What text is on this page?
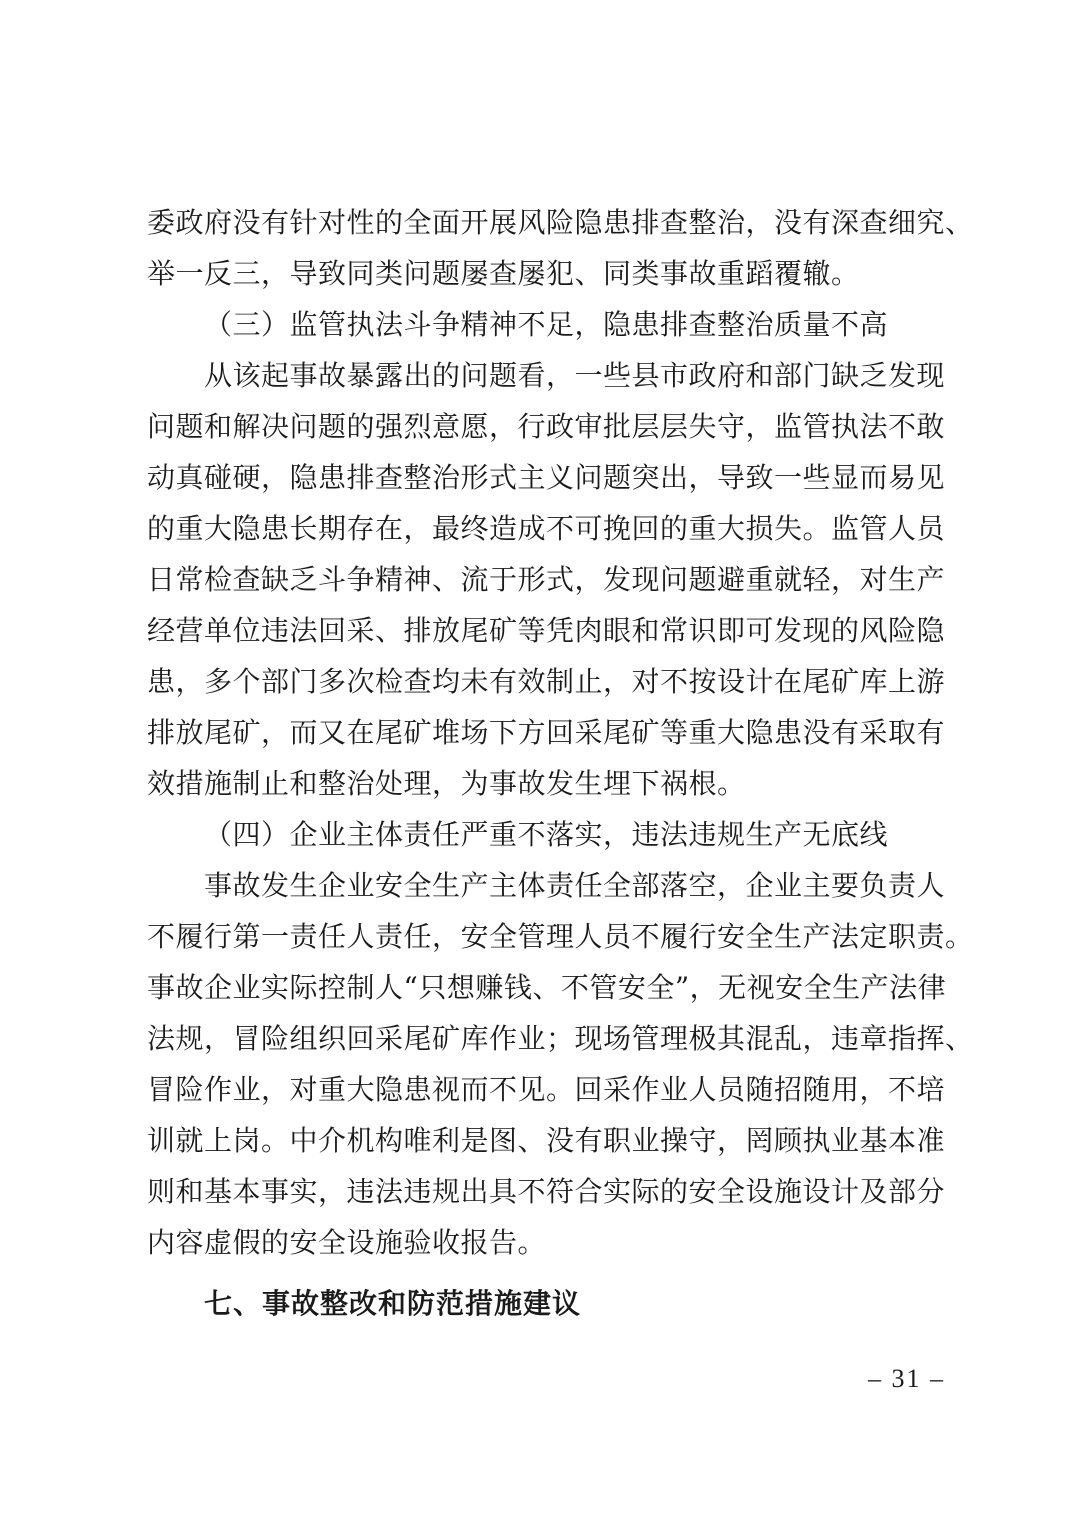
委政府没有针对性的全面开展风险隐患排查整治，没有深查细究、
举一反三，导致同类问题屡查屡犯、同类事故重蹈覆辙。
（三）监管执法斗争精神不足，隐患排查整治质量不高
从该起事故暴露出的问题看，一些县市政府和部门缺乏发现
问题和解决问题的强烈意愿，行政审批层层失守，监管执法不敢
动真碰硬，隐患排查整治形式主义问题突出，导致一些显而易见
的重大隐患长期存在，最终造成不可挽回的重大损失。监管人员
日常检查缺乏斗争精神、流于形式，发现问题避重就轻，对生产
经营单位违法回采、排放尾矿等凭肉眼和常识即可发现的风险隐
患，多个部门多次检查均未有效制止，对不按设计在尾矿库上游
排放尾矿，而又在尾矿堆场下方回采尾矿等重大隐患没有采取有
效措施制止和整治处理，为事故发生埋下祸根。
（四）企业主体责任严重不落实，违法违规生产无底线
事故发生企业安全生产主体责任全部落空，企业主要负责人
不履行第一责任人责任，安全管理人员不履行安全生产法定职责。
事故企业实际控制人“只想赚钱、不管安全”，无视安全生产法律
法规，冒险组织回采尾矿库作业；现场管理极其混乱，违章指挥、
冒险作业，对重大隐患视而不见。回采作业人员随招随用，不培
训就上岗。中介机构唯利是图、没有职业操守，罔顾执业基本准
则和基本事实，违法违规出具不符合实际的安全设施设计及部分
内容虚假的安全设施验收报告。
七、事故整改和防范措施建议
– 31 –
